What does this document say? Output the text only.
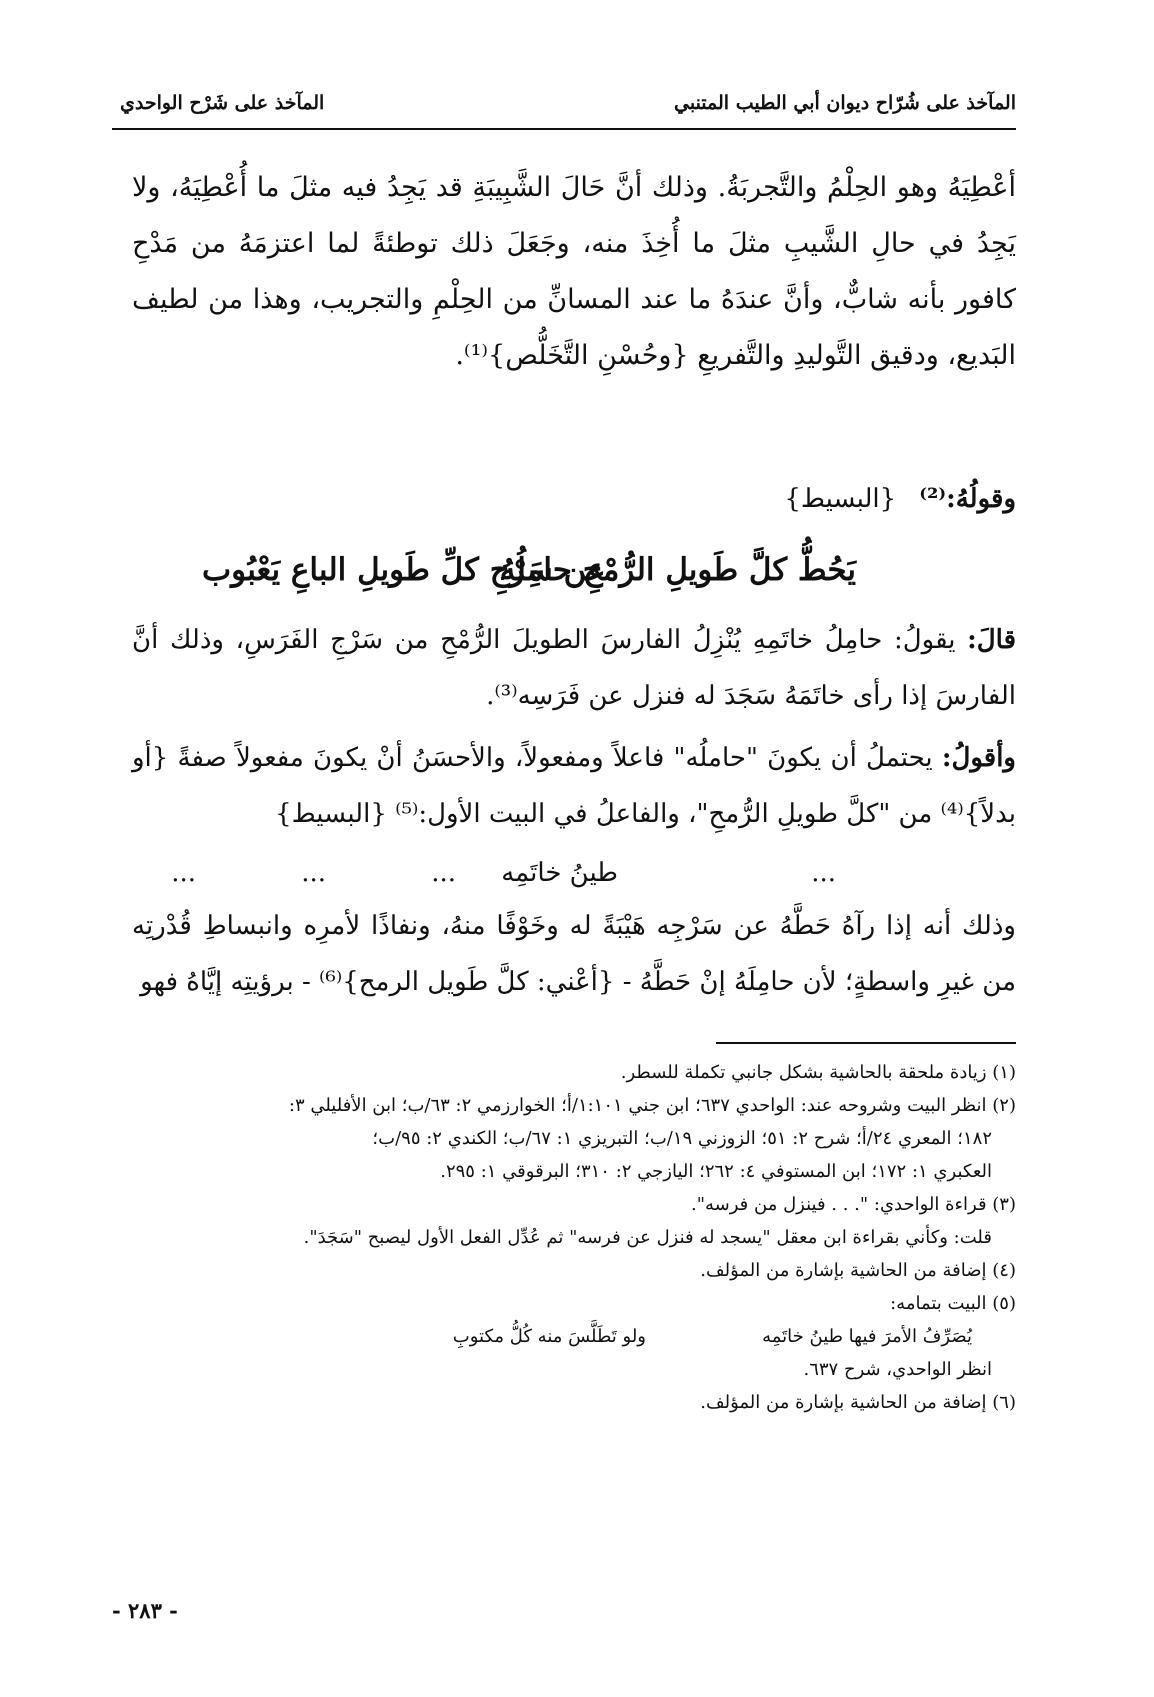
المآخذ على شُرّاح ديوان أبي الطيب المتنبي
المآخذ على شَرْح الواحدي
أعْطِيَهُ وهو الحِلْمُ والتَّجربَةُ. وذلك أنَّ حَالَ الشَّبِيبَةِ قد يَجِدُ فيه مثلَ ما أُعْطِيَهُ، ولا يَجِدُ في حالِ الشَّيبِ مثلَ ما أُخِذَ منه، وجَعَلَ ذلك توطئةً لما اعتزمَهُ من مَدْحِ كافور بأنه شابٌّ، وأنَّ عندَهُ ما عند المسانِّ من الحِلْمِ والتجريب، وهذا من لطيف البَديع، ودقيق التَّوليدِ والتَّفريعِ {وحُسْنِ التَّخَلُّص}⁽¹⁾.
وقولُهُ:⁽²⁾ {البسيط}
يَحُطُّ كلَّ طَويلِ الرُّمْحِ حامِلُهُ
عن سَرْجِ كلِّ طَويلِ الباعِ يَعْبُوب
قالَ: يقولُ: حامِلُ خاتَمِهِ يُنْزِلُ الفارسَ الطويلَ الرُّمْحِ من سَرْجِ الفَرَسِ، وذلك أنَّ الفارسَ إذا رأى خاتَمَهُ سَجَدَ له فنزل عن فَرَسِه⁽³⁾.
وأقولُ: يحتملُ أن يكونَ "حاملُه" فاعلاً ومفعولاً، والأحسَنُ أنْ يكونَ مفعولاً صفةً {أو بدلاً}⁽⁴⁾ من "كلَّ طويلِ الرُّمحِ"، والفاعلُ في البيت الأول:⁽⁵⁾ {البسيط}
...
طينُ خاتَمِه
...
...
...
وذلك أنه إذا رآهُ حَطَّهُ عن سَرْجِه هَيْبَةً له وخَوْفًا منهُ، ونفاذًا لأمرِه وانبساطِ قُدْرتِه من غيرِ واسطةٍ؛ لأن حامِلَهُ إنْ حَطَّهُ - {أعْني: كلَّ طَويل الرمح}⁽⁶⁾ - برؤيتِه إيَّاهُ فهو
(١) زيادة ملحقة بالحاشية بشكل جانبي تكملة للسطر.
(٢) انظر البيت وشروحه عند: الواحدي ٦٣٧؛ ابن جني ١:١٠١/أ؛ الخوارزمي ٢: ٦٣/ب؛ ابن الأفليلي ٣:
١٨٢؛ المعري ٢٤/أ؛ شرح ٢: ٥١؛ الزوزني ١٩/ب؛ التبريزي ١: ٦٧/ب؛ الكندي ٢: ٩٥/ب؛
العكبري ١: ١٧٢؛ ابن المستوفي ٤: ٢٦٢؛ اليازجي ٢: ٣١٠؛ البرقوقي ١: ٢٩٥.
(٣) قراءة الواحدي: ". . . فينزل من فرسه".
قلت: وكأني بقراءة ابن معقل "يسجد له فنزل عن فرسه" ثم عُدِّل الفعل الأول ليصبح "سَجَدَ".
(٤) إضافة من الحاشية بإشارة من المؤلف.
(٥) البيت بتمامه:
يُصَرِّفُ الأمرَ فيها طينُ خاتَمِه
ولو تَطَلَّسَ منه كُلُّ مكتوبِ
انظر الواحدي، شرح ٦٣٧.
(٦) إضافة من الحاشية بإشارة من المؤلف.
- ٢٨٣ -
